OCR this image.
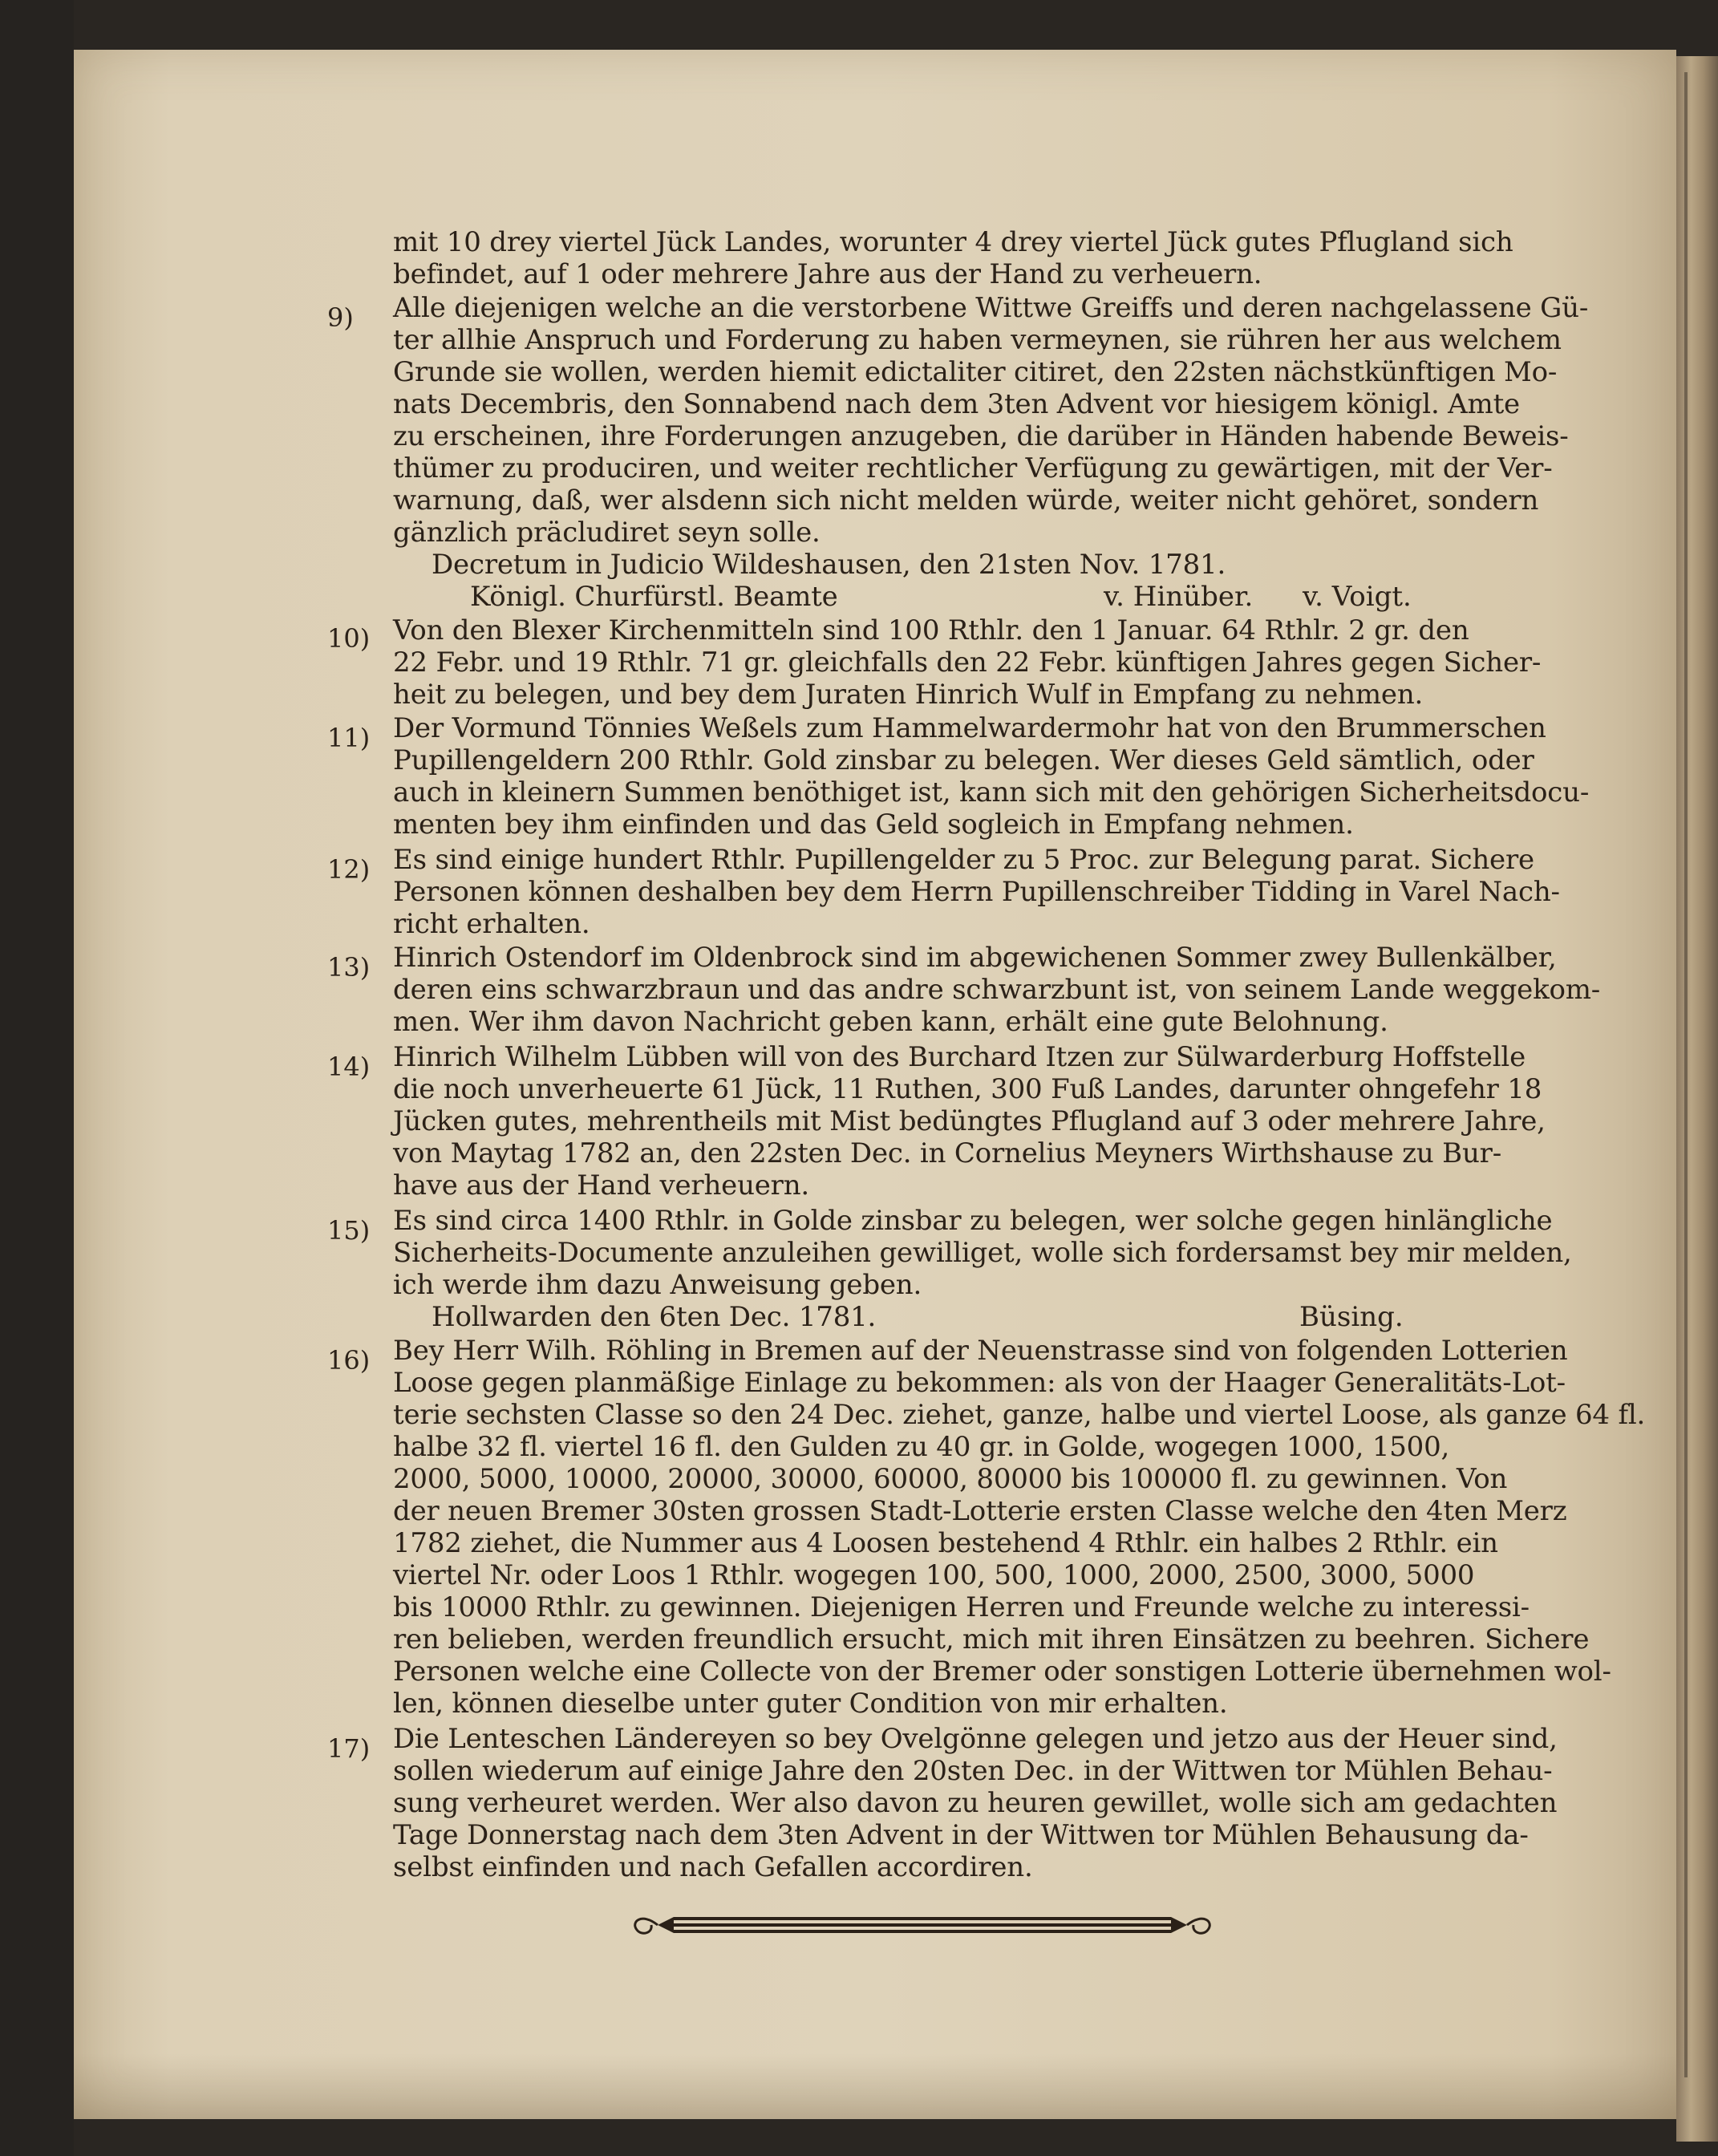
mit 10 drey viertel Jück Landes, worunter 4 drey viertel Jück gutes Pflugland sich
befindet, auf 1 oder mehrere Jahre aus der Hand zu verheuern.
9)	Alle diejenigen welche an die verstorbene Wittwe Greiffs und deren nachgelassene Gü-
ter allhie Anspruch und Forderung zu haben vermeynen, sie rühren her aus welchem
Grunde sie wollen, werden hiemit edictaliter citiret, den 22sten nächstkünftigen Mo-
nats Decembris, den Sonnabend nach dem 3ten Advent vor hiesigem königl. Amte
zu erscheinen, ihre Forderungen anzugeben, die darüber in Händen habende Beweis-
thümer zu produciren, und weiter rechtlicher Verfügung zu gewärtigen, mit der Ver-
warnung, daß, wer alsdenn sich nicht melden würde, weiter nicht gehöret, sondern
gänzlich präcludiret seyn solle.
Decretum in Judicio Wildeshausen, den 21sten Nov. 1781.
Königl. Churfürstl. Beamte	v. Hinüber. v. Voigt.
10) Von den Blexer Kirchenmitteln sind 100 Rthlr. den 1 Januar. 64 Rthlr. 2 gr. den
22 Febr. und 19 Rthlr. 71 gr. gleichfalls den 22 Febr. künftigen Jahres gegen Sicher-
heit zu belegen, und bey dem Juraten Hinrich Wulf in Empfang zu nehmen.
11) Der Vormund Tönnies Weßels zum Hammelwardermohr hat von den Brummerschen
Pupillengeldern 200 Rthlr. Gold zinsbar zu belegen. Wer dieses Geld sämtlich, oder
auch in kleinern Summen benöthiget ist, kann sich mit den gehörigen Sicherheitsdocu-
menten bey ihm einfinden und das Geld sogleich in Empfang nehmen.
12) Es sind einige hundert Rthlr. Pupillengelder zu 5 Proc. zur Belegung parat. Sichere
Personen können deshalben bey dem Herrn Pupillenschreiber Tidding in Varel Nach-
richt erhalten.
13) Hinrich Ostendorf im Oldenbrock sind im abgewichenen Sommer zwey Bullenkälber,
deren eins schwarzbraun und das andre schwarzbunt ist, von seinem Lande weggekom-
men. Wer ihm davon Nachricht geben kann, erhält eine gute Belohnung.
14) Hinrich Wilhelm Lübben will von des Burchard Itzen zur Sülwarderburg Hoffstelle
die noch unverheuerte 61 Jück, 11 Ruthen, 300 Fuß Landes, darunter ohngefehr 18
Jücken gutes, mehrentheils mit Mist bedüngtes Pflugland auf 3 oder mehrere Jahre,
von Maytag 1782 an, den 22sten Dec. in Cornelius Meyners Wirthshause zu Bur-
have aus der Hand verheuern.
15) Es sind circa 1400 Rthlr. in Golde zinsbar zu belegen, wer solche gegen hinlängliche
Sicherheits-Documente anzuleihen gewilliget, wolle sich fordersamst bey mir melden,
ich werde ihm dazu Anweisung geben.
Hollwarden den 6ten Dec. 1781.	Büsing.
16) Bey Herr Wilh. Röhling in Bremen auf der Neuenstrasse sind von folgenden Lotterien
Loose gegen planmäßige Einlage zu bekommen: als von der Haager Generalitäts-Lot-
terie sechsten Classe so den 24 Dec. ziehet, ganze, halbe und viertel Loose, als ganze 64 fl.
halbe 32 fl. viertel 16 fl. den Gulden zu 40 gr. in Golde, wogegen 1000, 1500,
2000, 5000, 10000, 20000, 30000, 60000, 80000 bis 100000 fl. zu gewinnen. Von
der neuen Bremer 30sten grossen Stadt-Lotterie ersten Classe welche den 4ten Merz
1782 ziehet, die Nummer aus 4 Loosen bestehend 4 Rthlr. ein halbes 2 Rthlr. ein
viertel Nr. oder Loos 1 Rthlr. wogegen 100, 500, 1000, 2000, 2500, 3000, 5000
bis 10000 Rthlr. zu gewinnen. Diejenigen Herren und Freunde welche zu interessi-
ren belieben, werden freundlich ersucht, mich mit ihren Einsätzen zu beehren. Sichere
Personen welche eine Collecte von der Bremer oder sonstigen Lotterie übernehmen wol-
len, können dieselbe unter guter Condition von mir erhalten.
17) Die Lenteschen Ländereyen so bey Ovelgönne gelegen und jetzo aus der Heuer sind,
sollen wiederum auf einige Jahre den 20sten Dec. in der Wittwen tor Mühlen Behau-
sung verheuret werden. Wer also davon zu heuren gewillet, wolle sich am gedachten
Tage Donnerstag nach dem 3ten Advent in der Wittwen tor Mühlen Behausung da-
selbst einfinden und nach Gefallen accordiren.
